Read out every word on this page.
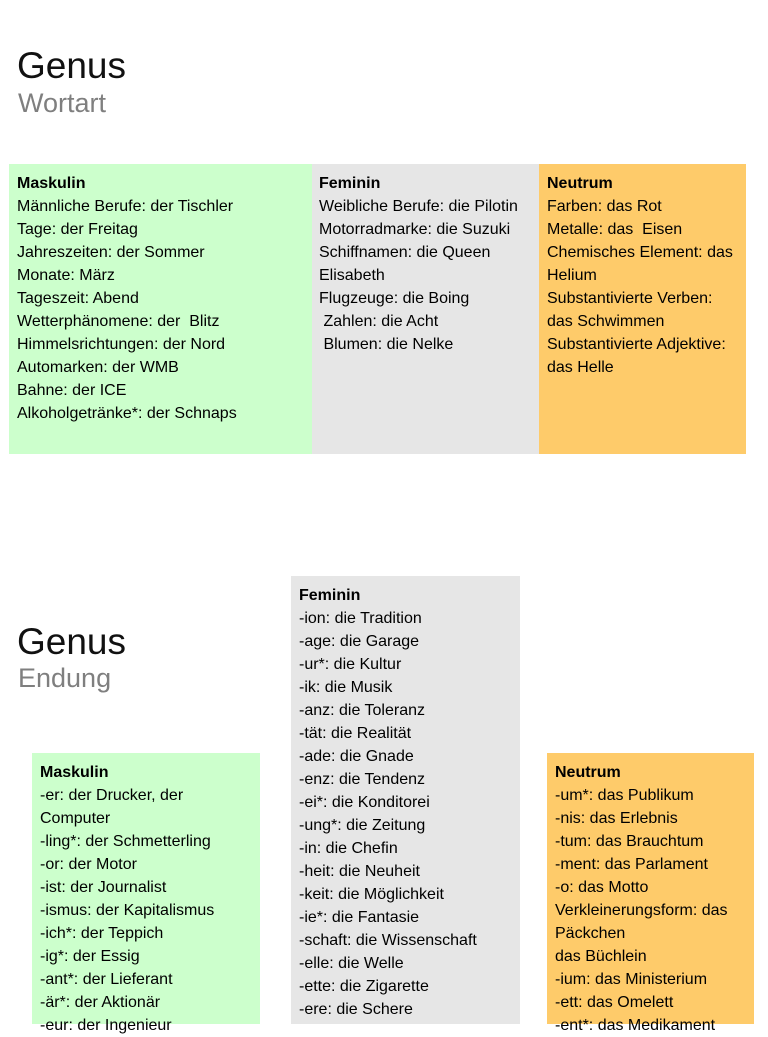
Genus
Wortart
Maskulin
Männliche Berufe: der Tischler
Tage: der Freitag
Jahreszeiten: der Sommer
Monate: März
Tageszeit: Abend
Wetterphänomene: der  Blitz
Himmelsrichtungen: der Nord
Automarken: der WMB
Bahne: der ICE
Alkoholgetränke*: der Schnaps
Feminin
Weibliche Berufe: die Pilotin
Motorradmarke: die Suzuki
Schiffnamen: die Queen Elisabeth
Flugzeuge: die Boing
Zahlen: die Acht
Blumen: die Nelke
Neutrum
Farben: das Rot
Metalle: das  Eisen
Chemisches Element: das Helium
Substantivierte Verben: das Schwimmen
Substantivierte Adjektive: das Helle
Genus
Endung
Feminin
-ion: die Tradition
-age: die Garage
-ur*: die Kultur
-ik: die Musik
-anz: die Toleranz
-tät: die Realität
-ade: die Gnade
-enz: die Tendenz
-ei*: die Konditorei
-ung*: die Zeitung
-in: die Chefin
-heit: die Neuheit
-keit: die Möglichkeit
-ie*: die Fantasie
-schaft: die Wissenschaft
-elle: die Welle
-ette: die Zigarette
-ere: die Schere
Maskulin
-er: der Drucker, der Computer
-ling*: der Schmetterling
-or: der Motor
-ist: der Journalist
-ismus: der Kapitalismus
-ich*: der Teppich
-ig*: der Essig
-ant*: der Lieferant
-är*: der Aktionär
-eur: der Ingenieur
Neutrum
-um*: das Publikum
-nis: das Erlebnis
-tum: das Brauchtum
-ment: das Parlament
-o: das Motto
Verkleinerungsform: das Päckchen
das Büchlein
-ium: das Ministerium
-ett: das Omelett
-ent*: das Medikament
